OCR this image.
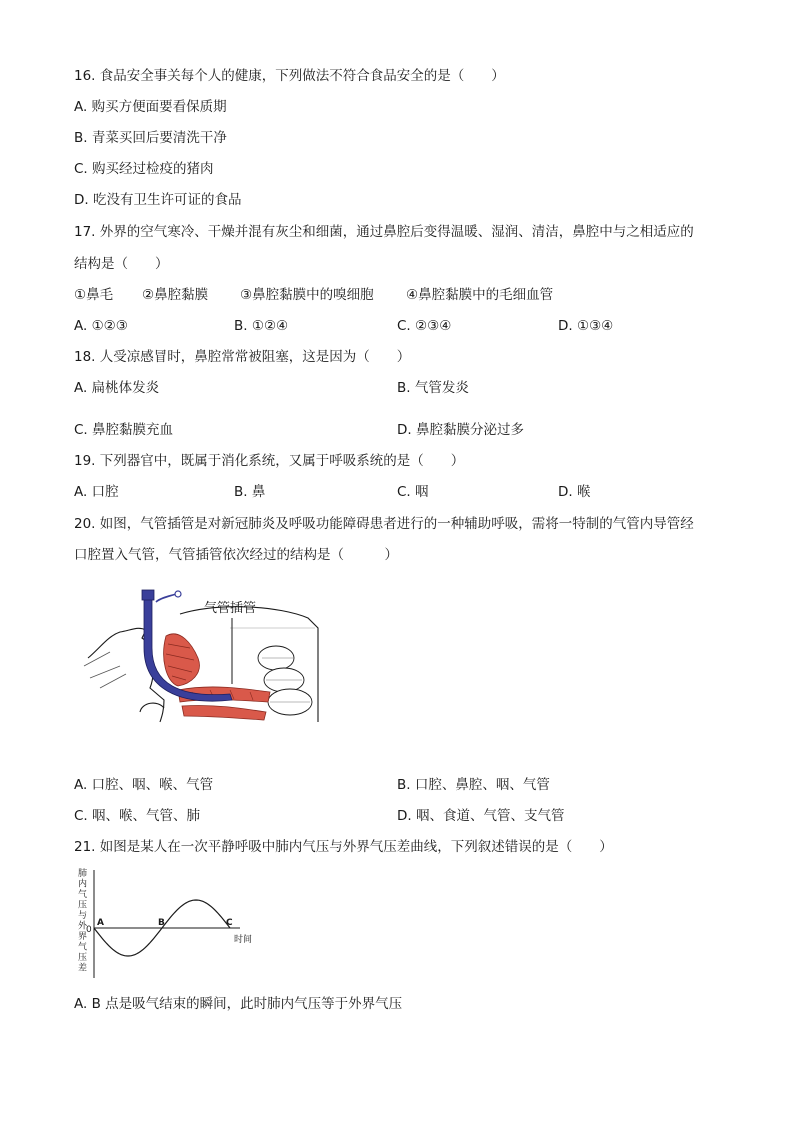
16. 食品安全事关每个人的健康，下列做法不符合食品安全的是（　　）
A. 购买方便面要看保质期
B. 青菜买回后要清洗干净
C. 购买经过检疫的猪肉
D. 吃没有卫生许可证的食品
17. 外界的空气寒冷、干燥并混有灰尘和细菌，通过鼻腔后变得温暖、湿润、清洁，鼻腔中与之相适应的
结构是（　　）
①鼻毛 ②鼻腔黏膜 ③鼻腔黏膜中的嗅细胞 ④鼻腔黏膜中的毛细血管
A. ①②③	B. ①②④	C. ②③④	D. ①③④
18. 人受凉感冒时，鼻腔常常被阻塞，这是因为（　　）
A. 扁桃体发炎	B. 气管发炎
C. 鼻腔黏膜充血	D. 鼻腔黏膜分泌过多
19. 下列器官中，既属于消化系统，又属于呼吸系统的是（　　）
A. 口腔	B. 鼻	C. 咽	D. 喉
20. 如图，气管插管是对新冠肺炎及呼吸功能障碍患者进行的一种辅助呼吸，需将一特制的气管内导管经
口腔置入气管，气管插管依次经过的结构是（　　　）
气管插管
A. 口腔、咽、喉、气管	B. 口腔、鼻腔、咽、气管
C. 咽、喉、气管、肺	D. 咽、食道、气管、支气管
21. 如图是某人在一次平静呼吸中肺内气压与外界气压差曲线，下列叙述错误的是（　　）
肺内气压与外界气压差
0
时间
A	B	C
A. B 点是吸气结束的瞬间，此时肺内气压等于外界气压
